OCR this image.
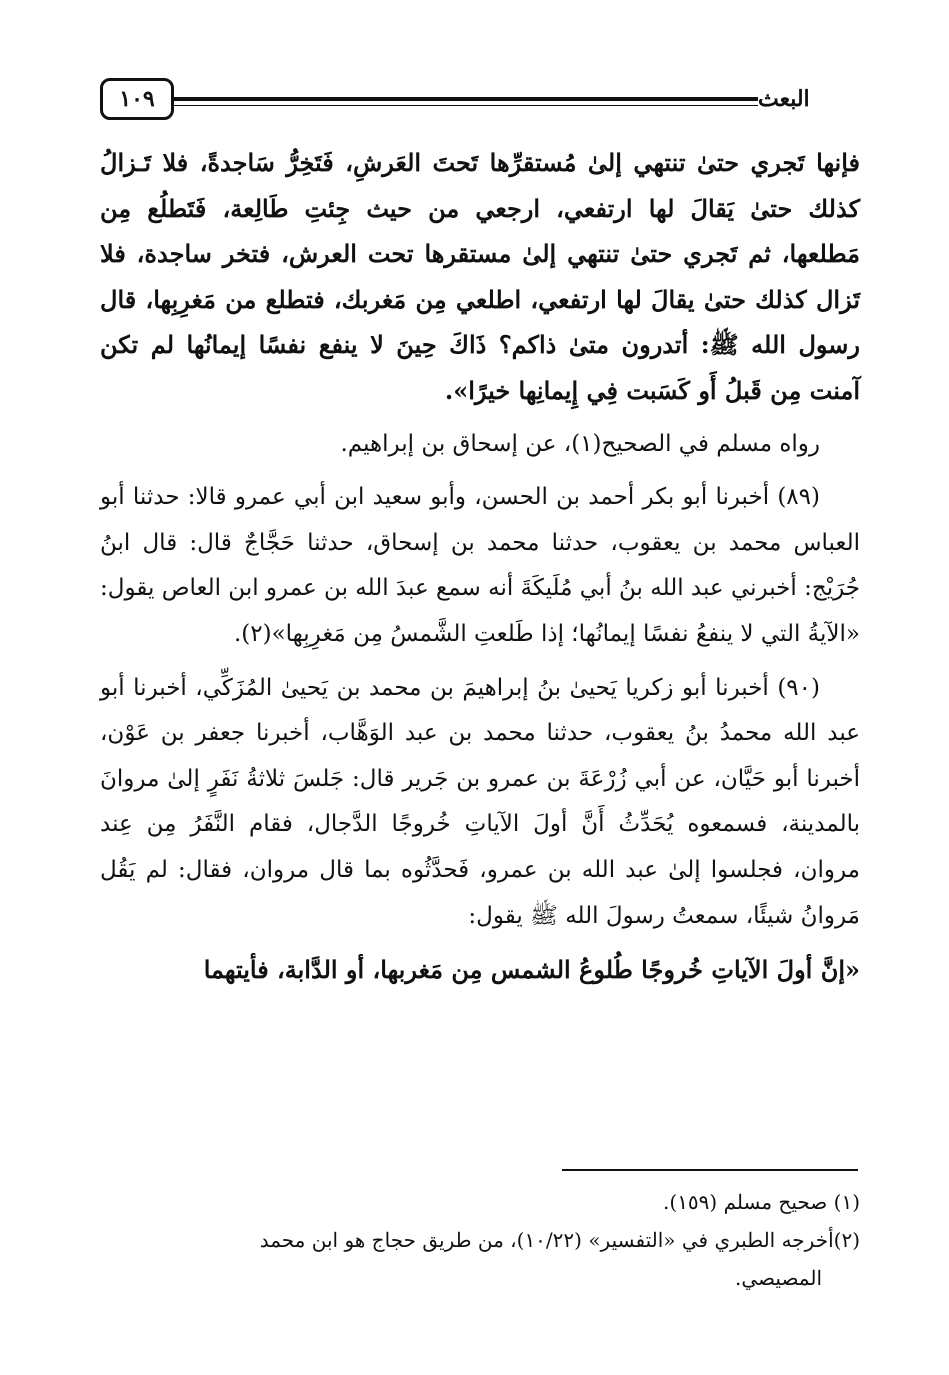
١٠٩	البعث

فإنها تَجري حتىٰ تنتهي إلىٰ مُستقرِّها تَحتَ العَرشِ، فَتَخِرُّ سَاجدةً، فلا تَـزالُ كذلك حتىٰ يَقالَ لها ارتفعي، ارجعي من حيث جِئتِ طَالِعة، فَتَطلُع مِن مَطلعها، ثم تَجري حتىٰ تنتهي إلىٰ مستقرها تحت العرش، فتخر ساجدة، فلا تَزال كذلك حتىٰ يقالَ لها ارتفعي، اطلعي مِن مَغربك، فتطلع من مَغرِبِها، قال رسول الله ﷺ: أتدرون متىٰ ذاكم؟ ذَاكَ حِينَ لا ينفع نفسًا إيمانُها لم تكن آمنت مِن قَبلُ أَو كَسَبت فِي إِيمانِها خيرًا».

رواه مسلم في الصحيح(١)، عن إسحاق بن إبراهيم.

(٨٩) أخبرنا أبو بكر أحمد بن الحسن، وأبو سعيد ابن أبي عمرو قالا: حدثنا أبو العباس محمد بن يعقوب، حدثنا محمد بن إسحاق، حدثنا حَجَّاجٌ قال: قال ابنُ جُرَيْج: أخبرني عبد الله بنُ أبي مُلَيكَةَ أنه سمع عبدَ الله بن عمرو ابن العاص يقول: «الآيةُ التي لا ينفعُ نفسًا إيمانُها؛ إذا طَلعتِ الشَّمسُ مِن مَغرِبِها»(٢).

(٩٠) أخبرنا أبو زكريا يَحيىٰ بنُ إبراهيمَ بن محمد بن يَحيىٰ المُزَكِّي، أخبرنا أبو عبد الله محمدُ بنُ يعقوب، حدثنا محمد بن عبد الوَهَّاب، أخبرنا جعفر بن عَوْن، أخبرنا أبو حَيَّان، عن أبي زُرْعَةَ بن عمرو بن جَرير قال: جَلسَ ثلاثةُ نَفَرٍ إلىٰ مروانَ بالمدينة، فسمعوه يُحَدِّثُ أَنَّ أولَ الآياتِ خُروجًا الدَّجال، فقام النَّفَرُ مِن عِند مروان، فجلسوا إلىٰ عبد الله بن عمرو، فَحدَّثُوه بما قال مروان، فقال: لم يَقُل مَروانُ شيئًا، سمعتُ رسولَ الله ﷺ يقول:

«إنَّ أولَ الآياتِ خُروجًا طُلوعُ الشمس مِن مَغربها، أو الدَّابة، فأيتهما

(١) صحيح مسلم (١٥٩).

(٢)أخرجه الطبري في «التفسير» (١٠/٢٢)، من طريق حجاج هو ابن محمد

المصيصي.
